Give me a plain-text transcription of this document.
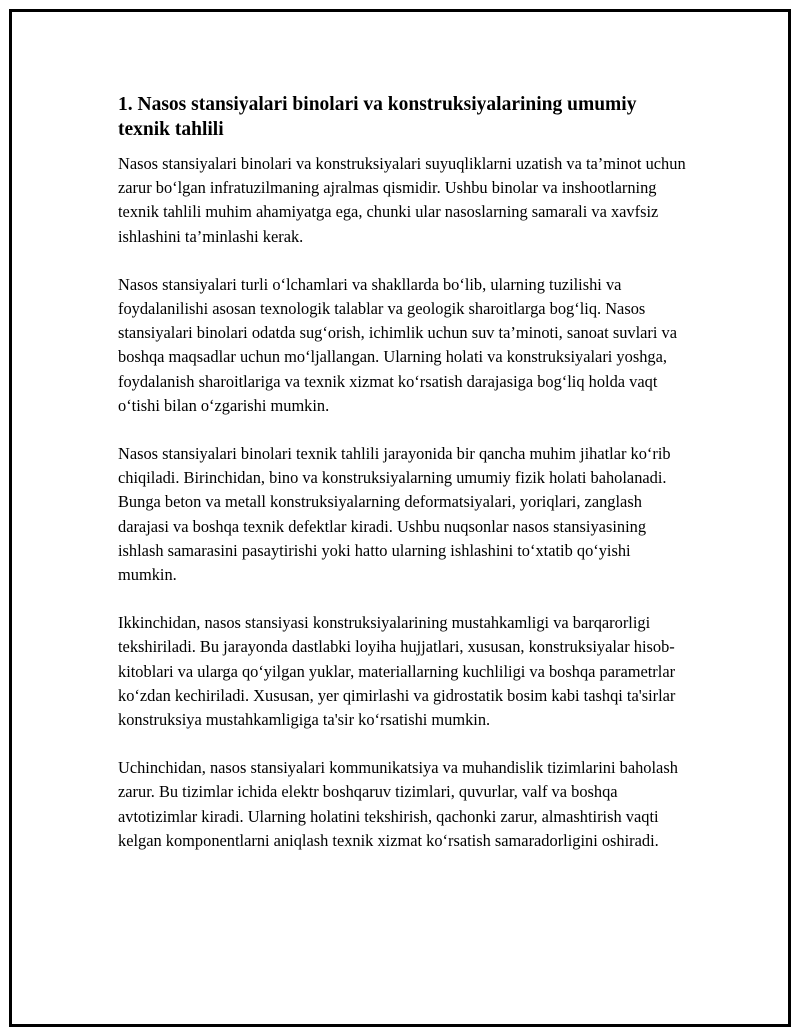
1. Nasos stansiyalari binolari va konstruksiyalarining umumiy texnik tahlili

Nasos stansiyalari binolari va konstruksiyalari suyuqliklarni uzatish va ta’minot uchun zarur bo‘lgan infratuzilmaning ajralmas qismidir. Ushbu binolar va inshootlarning texnik tahlili muhim ahamiyatga ega, chunki ular nasoslarning samarali va xavfsiz ishlashini ta’minlashi kerak.

Nasos stansiyalari turli o‘lchamlari va shakllarda bo‘lib, ularning tuzilishi va foydalanilishi asosan texnologik talablar va geologik sharoitlarga bog‘liq. Nasos stansiyalari binolari odatda sug‘orish, ichimlik uchun suv ta’minoti, sanoat suvlari va boshqa maqsadlar uchun mo‘ljallangan. Ularning holati va konstruksiyalari yoshga, foydalanish sharoitlariga va texnik xizmat ko‘rsatish darajasiga bog‘liq holda vaqt o‘tishi bilan o‘zgarishi mumkin.

Nasos stansiyalari binolari texnik tahlili jarayonida bir qancha muhim jihatlar ko‘rib chiqiladi. Birinchidan, bino va konstruksiyalarning umumiy fizik holati baholanadi. Bunga beton va metall konstruksiyalarning deformatsiyalari, yoriqlari, zanglash darajasi va boshqa texnik defektlar kiradi. Ushbu nuqsonlar nasos stansiyasining ishlash samarasini pasaytirishi yoki hatto ularning ishlashini to‘xtatib qo‘yishi mumkin.

Ikkinchidan, nasos stansiyasi konstruksiyalarining mustahkamligi va barqarorligi tekshiriladi. Bu jarayonda dastlabki loyiha hujjatlari, xususan, konstruksiyalar hisob-kitoblari va ularga qo‘yilgan yuklar, materiallarning kuchliligi va boshqa parametrlar ko‘zdan kechiriladi. Xususan, yer qimirlashi va gidrostatik bosim kabi tashqi ta'sirlar konstruksiya mustahkamligiga ta'sir ko‘rsatishi mumkin.

Uchinchidan, nasos stansiyalari kommunikatsiya va muhandislik tizimlarini baholash zarur. Bu tizimlar ichida elektr boshqaruv tizimlari, quvurlar, valf va boshqa avtotizimlar kiradi. Ularning holatini tekshirish, qachonki zarur, almashtirish vaqti kelgan komponentlarni aniqlash texnik xizmat ko‘rsatish samaradorligini oshiradi.
